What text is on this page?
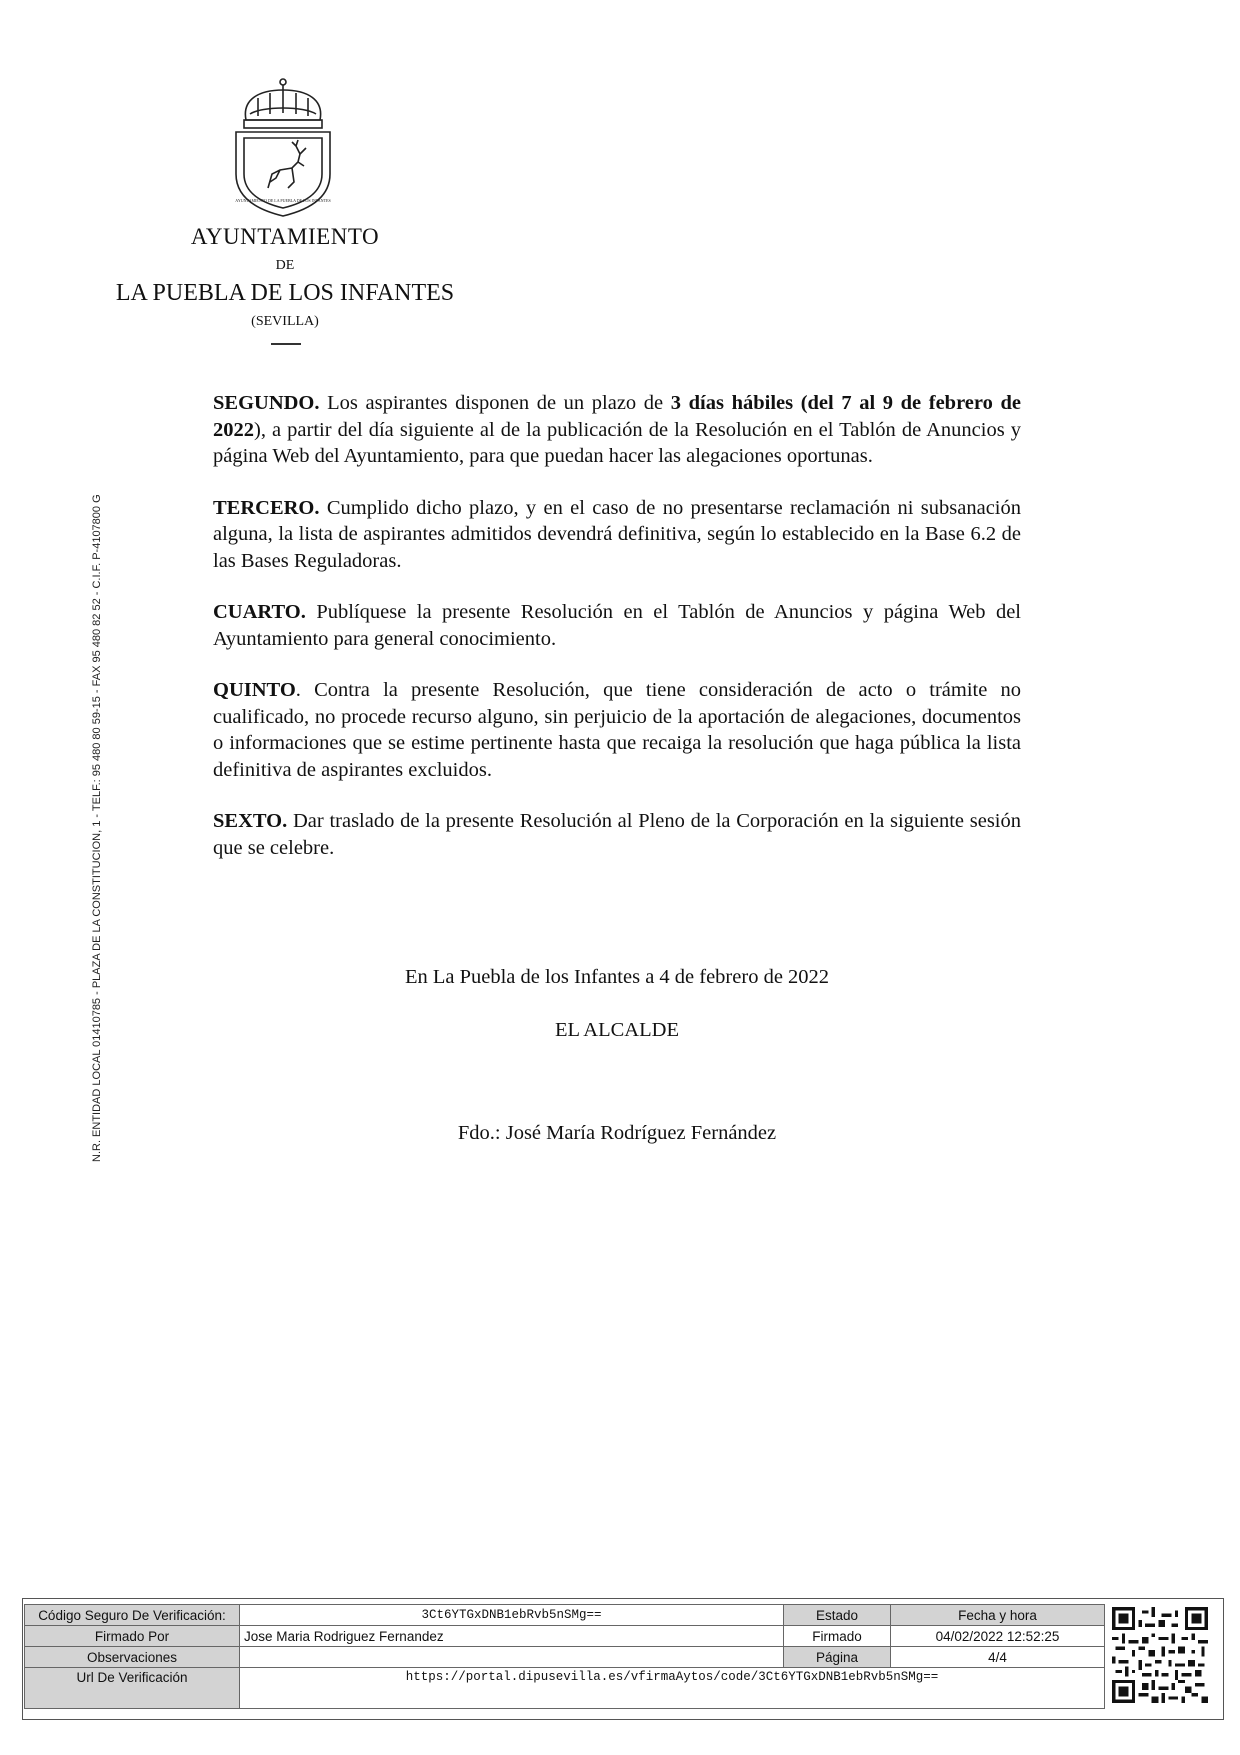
AYUNTAMIENTO DE LA PUEBLA DE LOS INFANTES
AYUNTAMIENTO
DE
LA PUEBLA DE LOS INFANTES
(SEVILLA)
N.R. ENTIDAD LOCAL 01410785 - PLAZA DE LA CONSTITUCION, 1 - TELF.: 95 480 80 59-15 - FAX 95 480 82 52 - C.I.F. P-4107800 G

SEGUNDO. Los aspirantes disponen de un plazo de 3 días hábiles (del 7 al 9 de febrero de 2022), a partir del día siguiente al de la publicación de la Resolución en el Tablón de Anuncios y página Web del Ayuntamiento, para que puedan hacer las alegaciones oportunas.

TERCERO. Cumplido dicho plazo, y en el caso de no presentarse reclamación ni subsanación alguna, la lista de aspirantes admitidos devendrá definitiva, según lo establecido en la Base 6.2 de las Bases Reguladoras.

CUARTO. Publíquese la presente Resolución en el Tablón de Anuncios y página Web del Ayuntamiento para general conocimiento.

QUINTO. Contra la presente Resolución, que tiene consideración de acto o trámite no cualificado, no procede recurso alguno, sin perjuicio de la aportación de alegaciones, documentos o informaciones que se estime pertinente hasta que recaiga la resolución que haga pública la lista definitiva de aspirantes excluidos.

SEXTO. Dar traslado de la presente Resolución al Pleno de la Corporación en la siguiente sesión que se celebre.

En La Puebla de los Infantes a 4 de febrero de 2022
EL ALCALDE
Fdo.: José María Rodríguez Fernández
Código Seguro De Verificación:	3Ct6YTGxDNB1ebRvb5nSMg==	Estado	Fecha y hora
Firmado Por	Jose Maria Rodriguez Fernandez	Firmado	04/02/2022 12:52:25
Observaciones		Página	4/4
Url De Verificación	https://portal.dipusevilla.es/vfirmaAytos/code/3Ct6YTGxDNB1ebRvb5nSMg==		
